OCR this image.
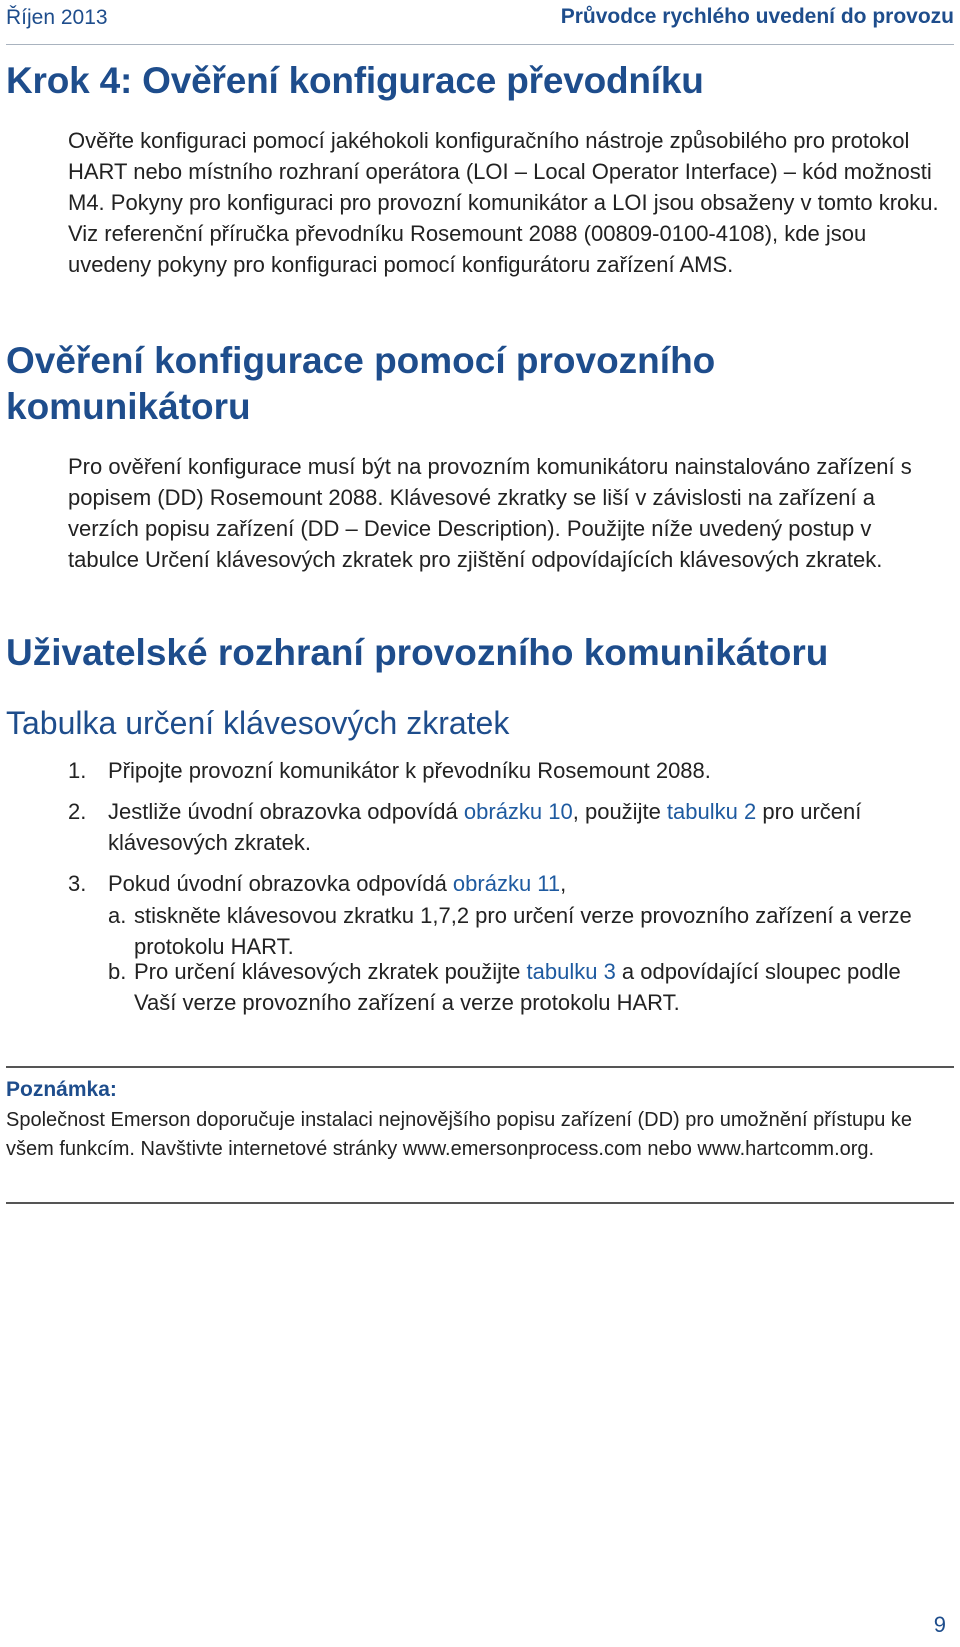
Říjen 2013	Průvodce rychlého uvedení do provozu
Krok 4: Ověření konfigurace převodníku

Ověřte konfiguraci pomocí jakéhokoli konfiguračního nástroje způsobilého pro protokol HART nebo místního rozhraní operátora (LOI – Local Operator Interface) – kód možnosti M4. Pokyny pro konfiguraci pro provozní komunikátor a LOI jsou obsaženy v tomto kroku. Viz referenční příručka převodníku Rosemount 2088 (00809-0100-4108), kde jsou uvedeny pokyny pro konfiguraci pomocí konfigurátoru zařízení AMS.

Ověření konfigurace pomocí provozního komunikátoru

Pro ověření konfigurace musí být na provozním komunikátoru nainstalováno zařízení s popisem (DD) Rosemount 2088. Klávesové zkratky se liší v závislosti na zařízení a verzích popisu zařízení (DD – Device Description). Použijte níže uvedený postup v tabulce Určení klávesových zkratek pro zjištění odpovídajících klávesových zkratek.

Uživatelské rozhraní provozního komunikátoru
Tabulka určení klávesových zkratek
1. Připojte provozní komunikátor k převodníku Rosemount 2088.
2. Jestliže úvodní obrazovka odpovídá obrázku 10, použijte tabulku 2 pro určení klávesových zkratek.
3. Pokud úvodní obrazovka odpovídá obrázku 11,
a. stiskněte klávesovou zkratku 1,7,2 pro určení verze provozního zařízení a verze protokolu HART.
b. Pro určení klávesových zkratek použijte tabulku 3 a odpovídající sloupec podle Vaší verze provozního zařízení a verze protokolu HART.
Poznámka:

Společnost Emerson doporučuje instalaci nejnovějšího popisu zařízení (DD) pro umožnění přístupu ke všem funkcím. Navštivte internetové stránky www.emersonprocess.com nebo www.hartcomm.org.

9
